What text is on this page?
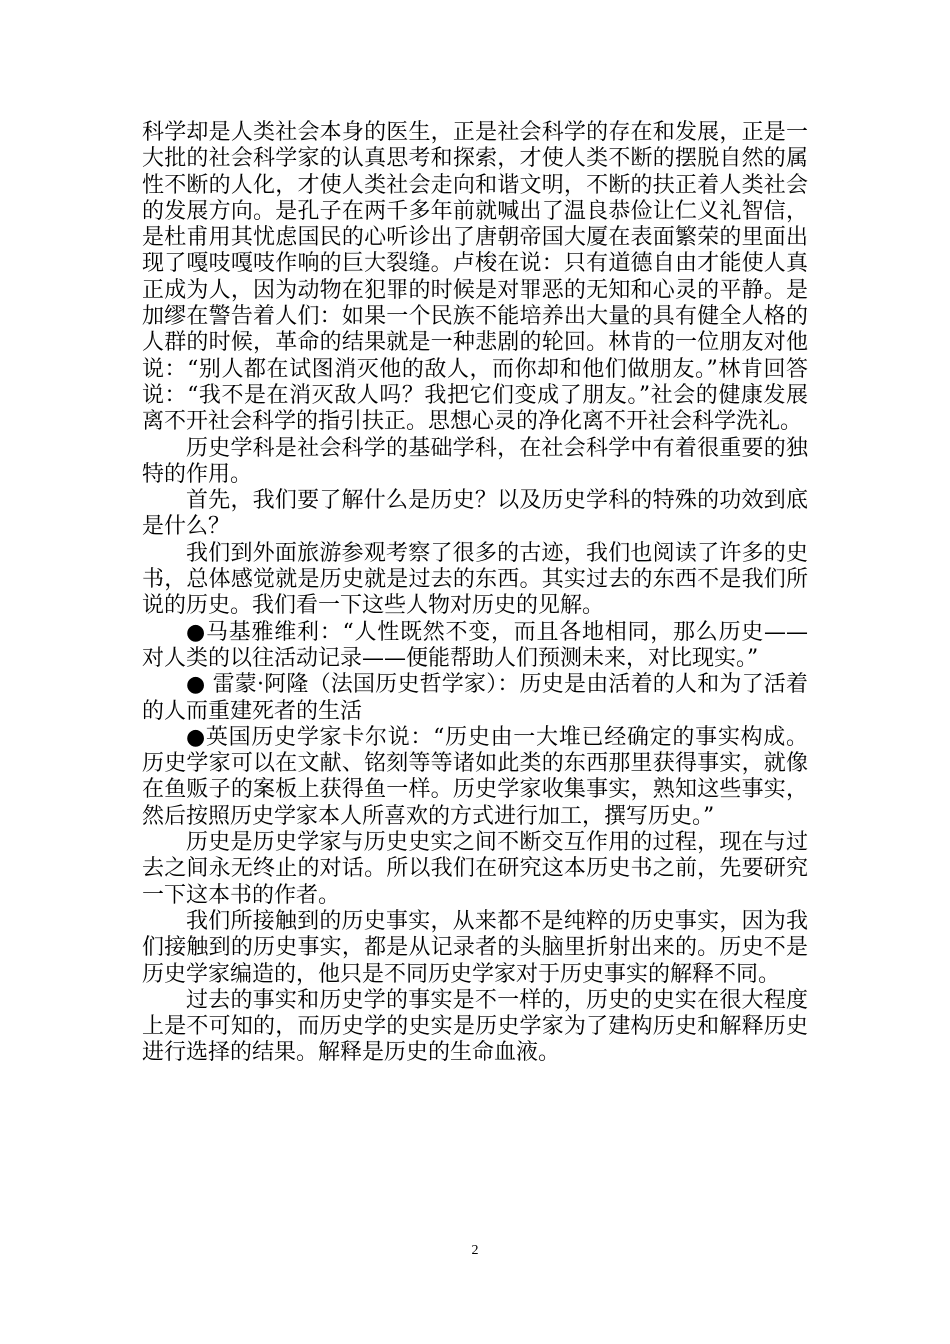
科学却是人类社会本身的医生，正是社会科学的存在和发展，正是一大批的社会科学家的认真思考和探索，才使人类不断的摆脱自然的属性不断的人化，才使人类社会走向和谐文明，不断的扶正着人类社会的发展方向。是孔子在两千多年前就喊出了温良恭俭让仁义礼智信，是杜甫用其忧虑国民的心听诊出了唐朝帝国大厦在表面繁荣的里面出现了嘎吱嘎吱作响的巨大裂缝。卢梭在说：只有道德自由才能使人真正成为人，因为动物在犯罪的时候是对罪恶的无知和心灵的平静。是加缪在警告着人们：如果一个民族不能培养出大量的具有健全人格的人群的时候，革命的结果就是一种悲剧的轮回。林肯的一位朋友对他说：“别人都在试图消灭他的敌人，而你却和他们做朋友。”林肯回答说：“我不是在消灭敌人吗？我把它们变成了朋友。”社会的健康发展离不开社会科学的指引扶正。思想心灵的净化离不开社会科学洗礼。

历史学科是社会科学的基础学科，在社会科学中有着很重要的独特的作用。

首先，我们要了解什么是历史？以及历史学科的特殊的功效到底是什么？

我们到外面旅游参观考察了很多的古迹，我们也阅读了许多的史书，总体感觉就是历史就是过去的东西。其实过去的东西不是我们所说的历史。我们看一下这些人物对历史的见解。

●马基雅维利：“人性既然不变，而且各地相同，那么历史——对人类的以往活动记录——便能帮助人们预测未来，对比现实。”

● 雷蒙·阿隆（法国历史哲学家）：历史是由活着的人和为了活着的人而重建死者的生活

●英国历史学家卡尔说：“历史由一大堆已经确定的事实构成。历史学家可以在文献、铭刻等等诸如此类的东西那里获得事实，就像在鱼贩子的案板上获得鱼一样。历史学家收集事实，熟知这些事实，然后按照历史学家本人所喜欢的方式进行加工，撰写历史。”

历史是历史学家与历史史实之间不断交互作用的过程，现在与过去之间永无终止的对话。所以我们在研究这本历史书之前，先要研究一下这本书的作者。

我们所接触到的历史事实，从来都不是纯粹的历史事实，因为我们接触到的历史事实，都是从记录者的头脑里折射出来的。历史不是历史学家编造的，他只是不同历史学家对于历史事实的解释不同。

过去的事实和历史学的事实是不一样的，历史的史实在很大程度上是不可知的，而历史学的史实是历史学家为了建构历史和解释历史进行选择的结果。解释是历史的生命血液。

2
